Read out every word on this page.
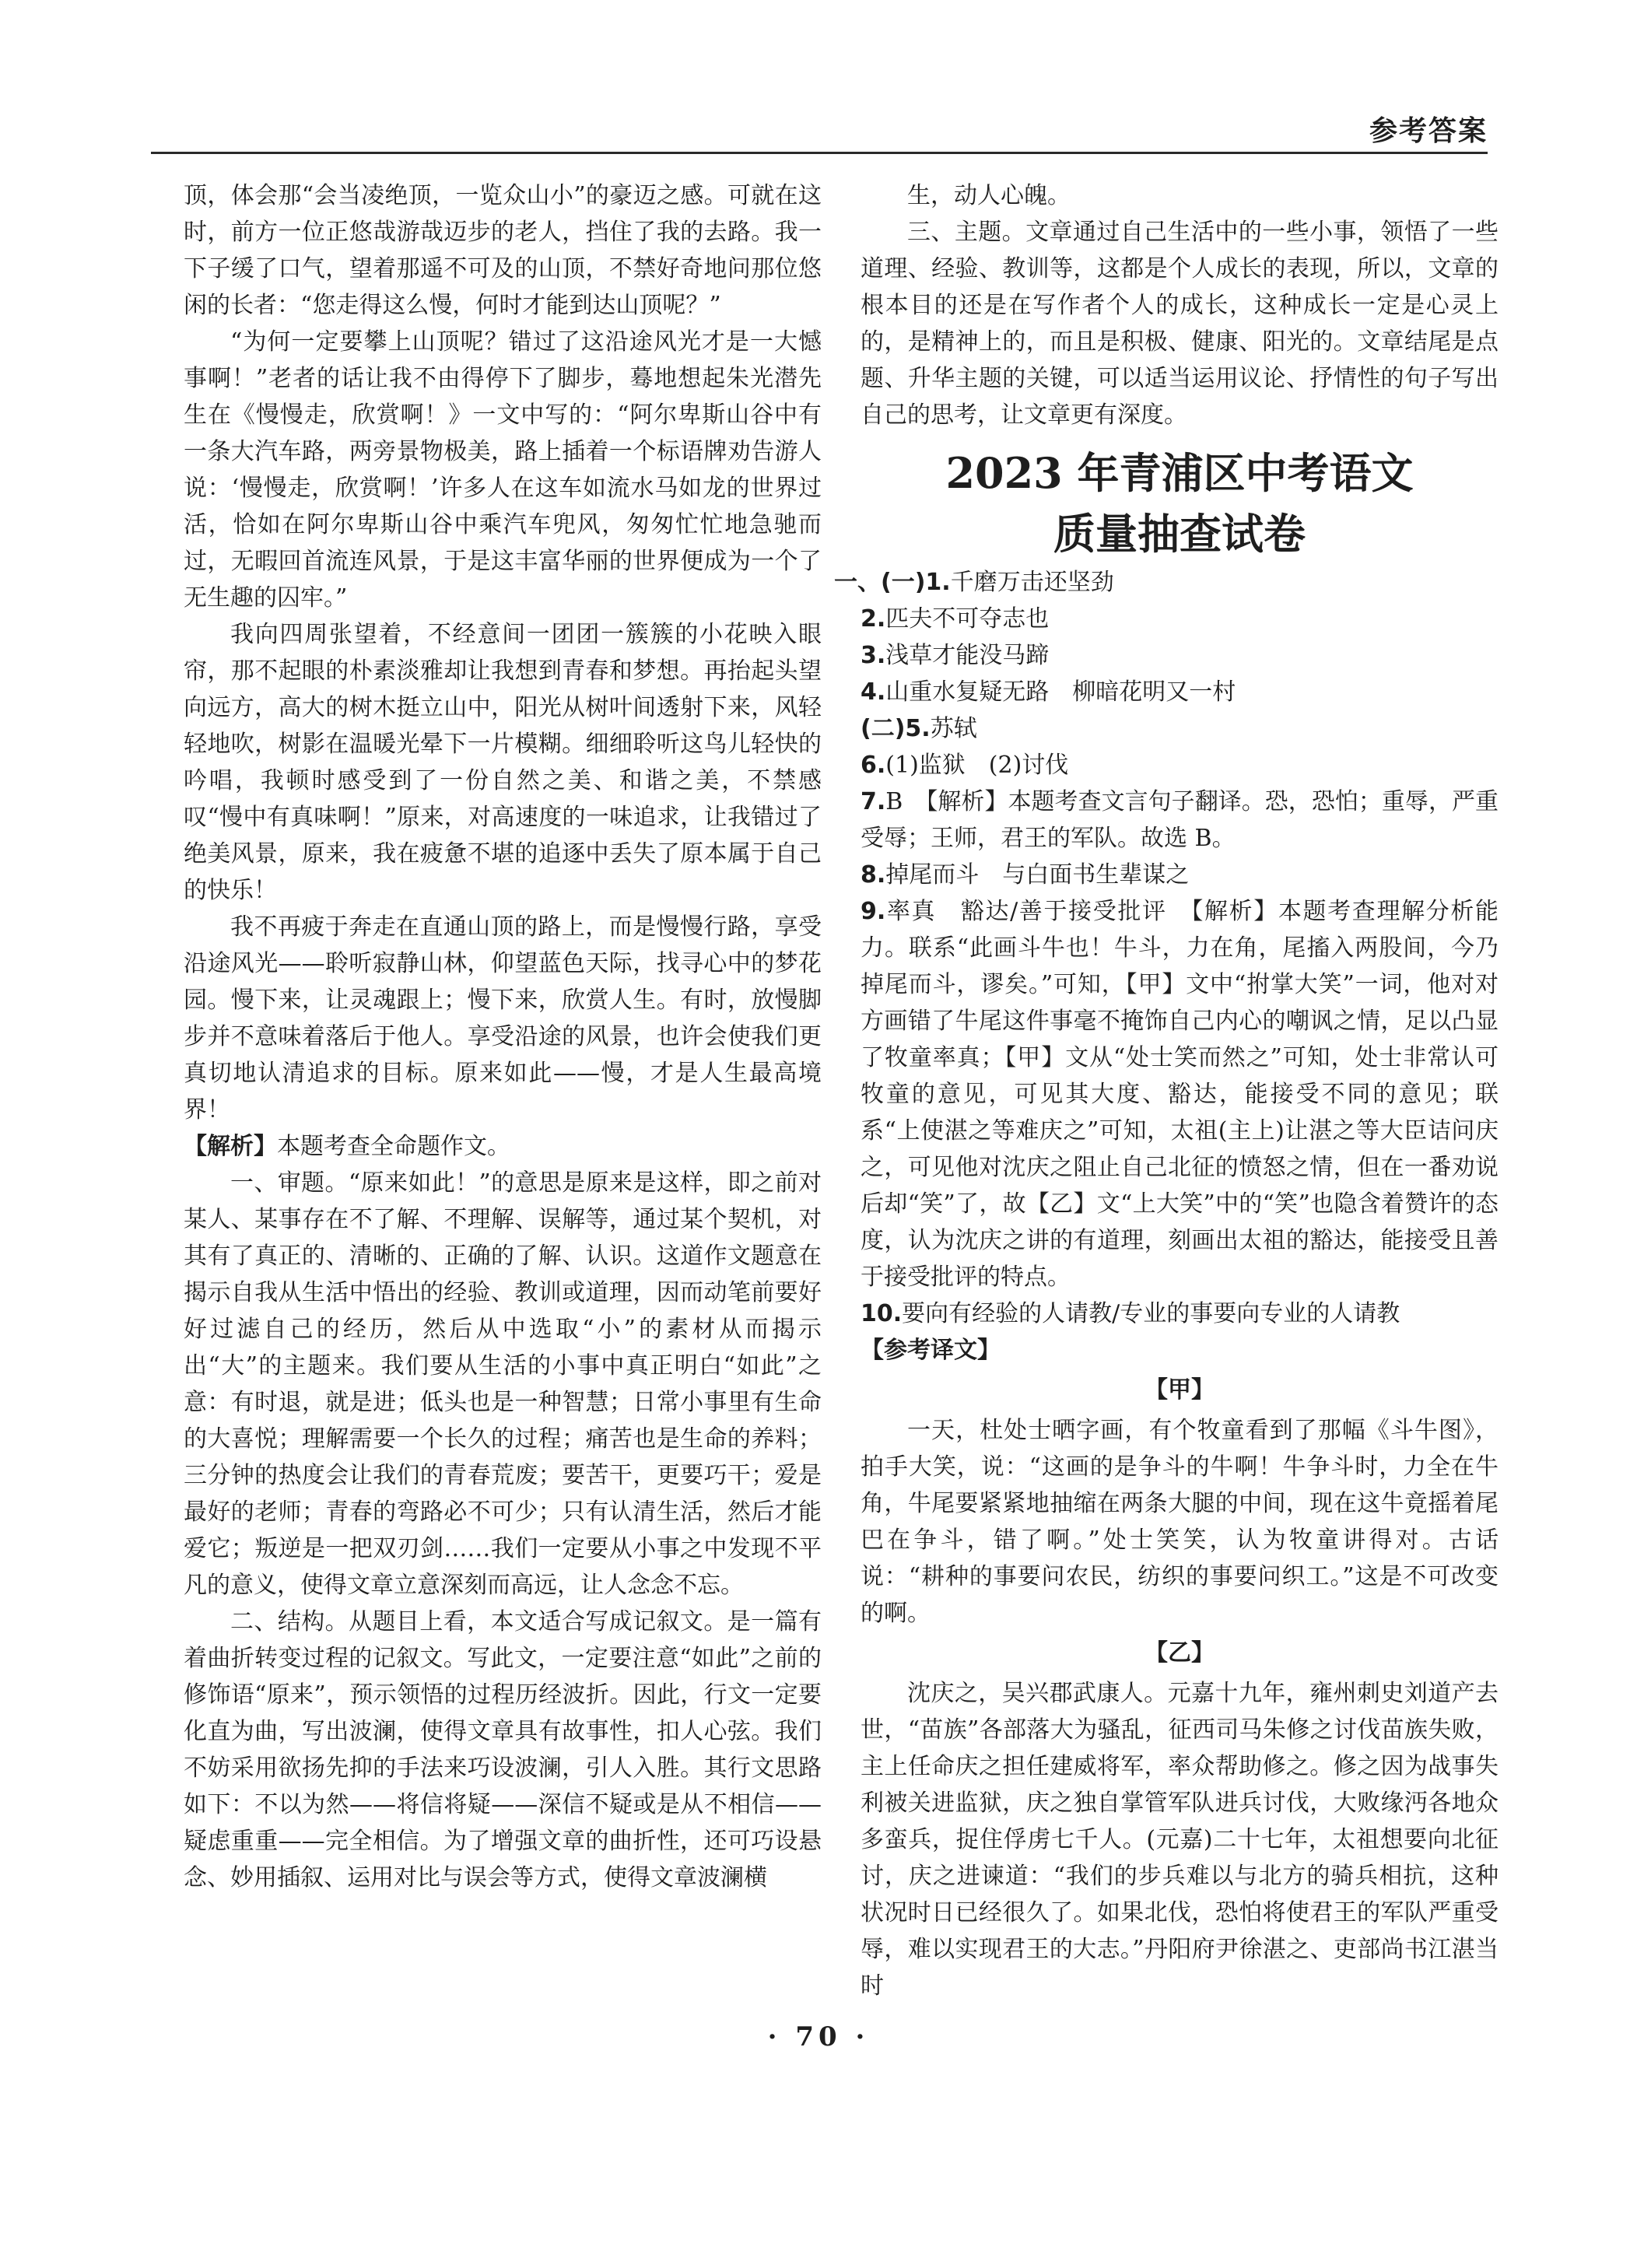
参考答案

顶，体会那“会当凌绝顶，一览众山小”的豪迈之感。可就在这时，前方一位正悠哉游哉迈步的老人，挡住了我的去路。我一下子缓了口气，望着那遥不可及的山顶，不禁好奇地问那位悠闲的长者：“您走得这么慢，何时才能到达山顶呢？”

“为何一定要攀上山顶呢？错过了这沿途风光才是一大憾事啊！”老者的话让我不由得停下了脚步，蓦地想起朱光潜先生在《慢慢走，欣赏啊！》一文中写的：“阿尔卑斯山谷中有一条大汽车路，两旁景物极美，路上插着一个标语牌劝告游人说：‘慢慢走，欣赏啊！’许多人在这车如流水马如龙的世界过活，恰如在阿尔卑斯山谷中乘汽车兜风，匆匆忙忙地急驰而过，无暇回首流连风景，于是这丰富华丽的世界便成为一个了无生趣的囚牢。”

我向四周张望着，不经意间一团团一簇簇的小花映入眼帘，那不起眼的朴素淡雅却让我想到青春和梦想。再抬起头望向远方，高大的树木挺立山中，阳光从树叶间透射下来，风轻轻地吹，树影在温暖光晕下一片模糊。细细聆听这鸟儿轻快的吟唱，我顿时感受到了一份自然之美、和谐之美，不禁感叹“慢中有真味啊！”原来，对高速度的一味追求，让我错过了绝美风景，原来，我在疲惫不堪的追逐中丢失了原本属于自己的快乐！

我不再疲于奔走在直通山顶的路上，而是慢慢行路，享受沿途风光——聆听寂静山林，仰望蓝色天际，找寻心中的梦花园。慢下来，让灵魂跟上；慢下来，欣赏人生。有时，放慢脚步并不意味着落后于他人。享受沿途的风景，也许会使我们更真切地认清追求的目标。原来如此——慢，才是人生最高境界！

【解析】本题考查全命题作文。

一、审题。“原来如此！”的意思是原来是这样，即之前对某人、某事存在不了解、不理解、误解等，通过某个契机，对其有了真正的、清晰的、正确的了解、认识。这道作文题意在揭示自我从生活中悟出的经验、教训或道理，因而动笔前要好好过滤自己的经历，然后从中选取“小”的素材从而揭示出“大”的主题来。我们要从生活的小事中真正明白“如此”之意：有时退，就是进；低头也是一种智慧；日常小事里有生命的大喜悦；理解需要一个长久的过程；痛苦也是生命的养料；三分钟的热度会让我们的青春荒废；要苦干，更要巧干；爱是最好的老师；青春的弯路必不可少；只有认清生活，然后才能爱它；叛逆是一把双刃剑……我们一定要从小事之中发现不平凡的意义，使得文章立意深刻而高远，让人念念不忘。

二、结构。从题目上看，本文适合写成记叙文。是一篇有着曲折转变过程的记叙文。写此文，一定要注意“如此”之前的修饰语“原来”，预示领悟的过程历经波折。因此，行文一定要化直为曲，写出波澜，使得文章具有故事性，扣人心弦。我们不妨采用欲扬先抑的手法来巧设波澜，引人入胜。其行文思路如下：不以为然——将信将疑——深信不疑或是从不相信——疑虑重重——完全相信。为了增强文章的曲折性，还可巧设悬念、妙用插叙、运用对比与误会等方式，使得文章波澜横

生，动人心魄。

三、主题。文章通过自己生活中的一些小事，领悟了一些道理、经验、教训等，这都是个人成长的表现，所以，文章的根本目的还是在写作者个人的成长，这种成长一定是心灵上的，是精神上的，而且是积极、健康、阳光的。文章结尾是点题、升华主题的关键，可以适当运用议论、抒情性的句子写出自己的思考，让文章更有深度。

2023 年青浦区中考语文
质量抽查试卷

一、(一)1.千磨万击还坚劲

2.匹夫不可夺志也

3.浅草才能没马蹄

4.山重水复疑无路　柳暗花明又一村

(二)5.苏轼

6.(1)监狱　(2)讨伐

7.B　【解析】本题考查文言句子翻译。恐，恐怕；重辱，严重受辱；王师，君王的军队。故选 B。

8.掉尾而斗　与白面书生辈谋之

9.率真　豁达/善于接受批评　【解析】本题考查理解分析能力。联系“此画斗牛也！牛斗，力在角，尾搐入两股间，今乃掉尾而斗，谬矣。”可知，【甲】文中“拊掌大笑”一词，他对对方画错了牛尾这件事毫不掩饰自己内心的嘲讽之情，足以凸显了牧童率真；【甲】文从“处士笑而然之”可知，处士非常认可牧童的意见，可见其大度、豁达，能接受不同的意见；联系“上使湛之等难庆之”可知，太祖(主上)让湛之等大臣诘问庆之，可见他对沈庆之阻止自己北征的愤怒之情，但在一番劝说后却“笑”了，故【乙】文“上大笑”中的“笑”也隐含着赞许的态度，认为沈庆之讲的有道理，刻画出太祖的豁达，能接受且善于接受批评的特点。

10.要向有经验的人请教/专业的事要向专业的人请教

【参考译文】

【甲】

一天，杜处士晒字画，有个牧童看到了那幅《斗牛图》，拍手大笑，说：“这画的是争斗的牛啊！牛争斗时，力全在牛角，牛尾要紧紧地抽缩在两条大腿的中间，现在这牛竟摇着尾巴在争斗，错了啊。”处士笑笑，认为牧童讲得对。古话说：“耕种的事要问农民，纺织的事要问织工。”这是不可改变的啊。

【乙】

沈庆之，吴兴郡武康人。元嘉十九年，雍州刺史刘道产去世，“苗族”各部落大为骚乱，征西司马朱修之讨伐苗族失败，主上任命庆之担任建威将军，率众帮助修之。修之因为战事失利被关进监狱，庆之独自掌管军队进兵讨伐，大败缘沔各地众多蛮兵，捉住俘虏七千人。(元嘉)二十七年，太祖想要向北征讨，庆之进谏道：“我们的步兵难以与北方的骑兵相抗，这种状况时日已经很久了。如果北伐，恐怕将使君王的军队严重受辱，难以实现君王的大志。”丹阳府尹徐湛之、吏部尚书江湛当时

· 70 ·
